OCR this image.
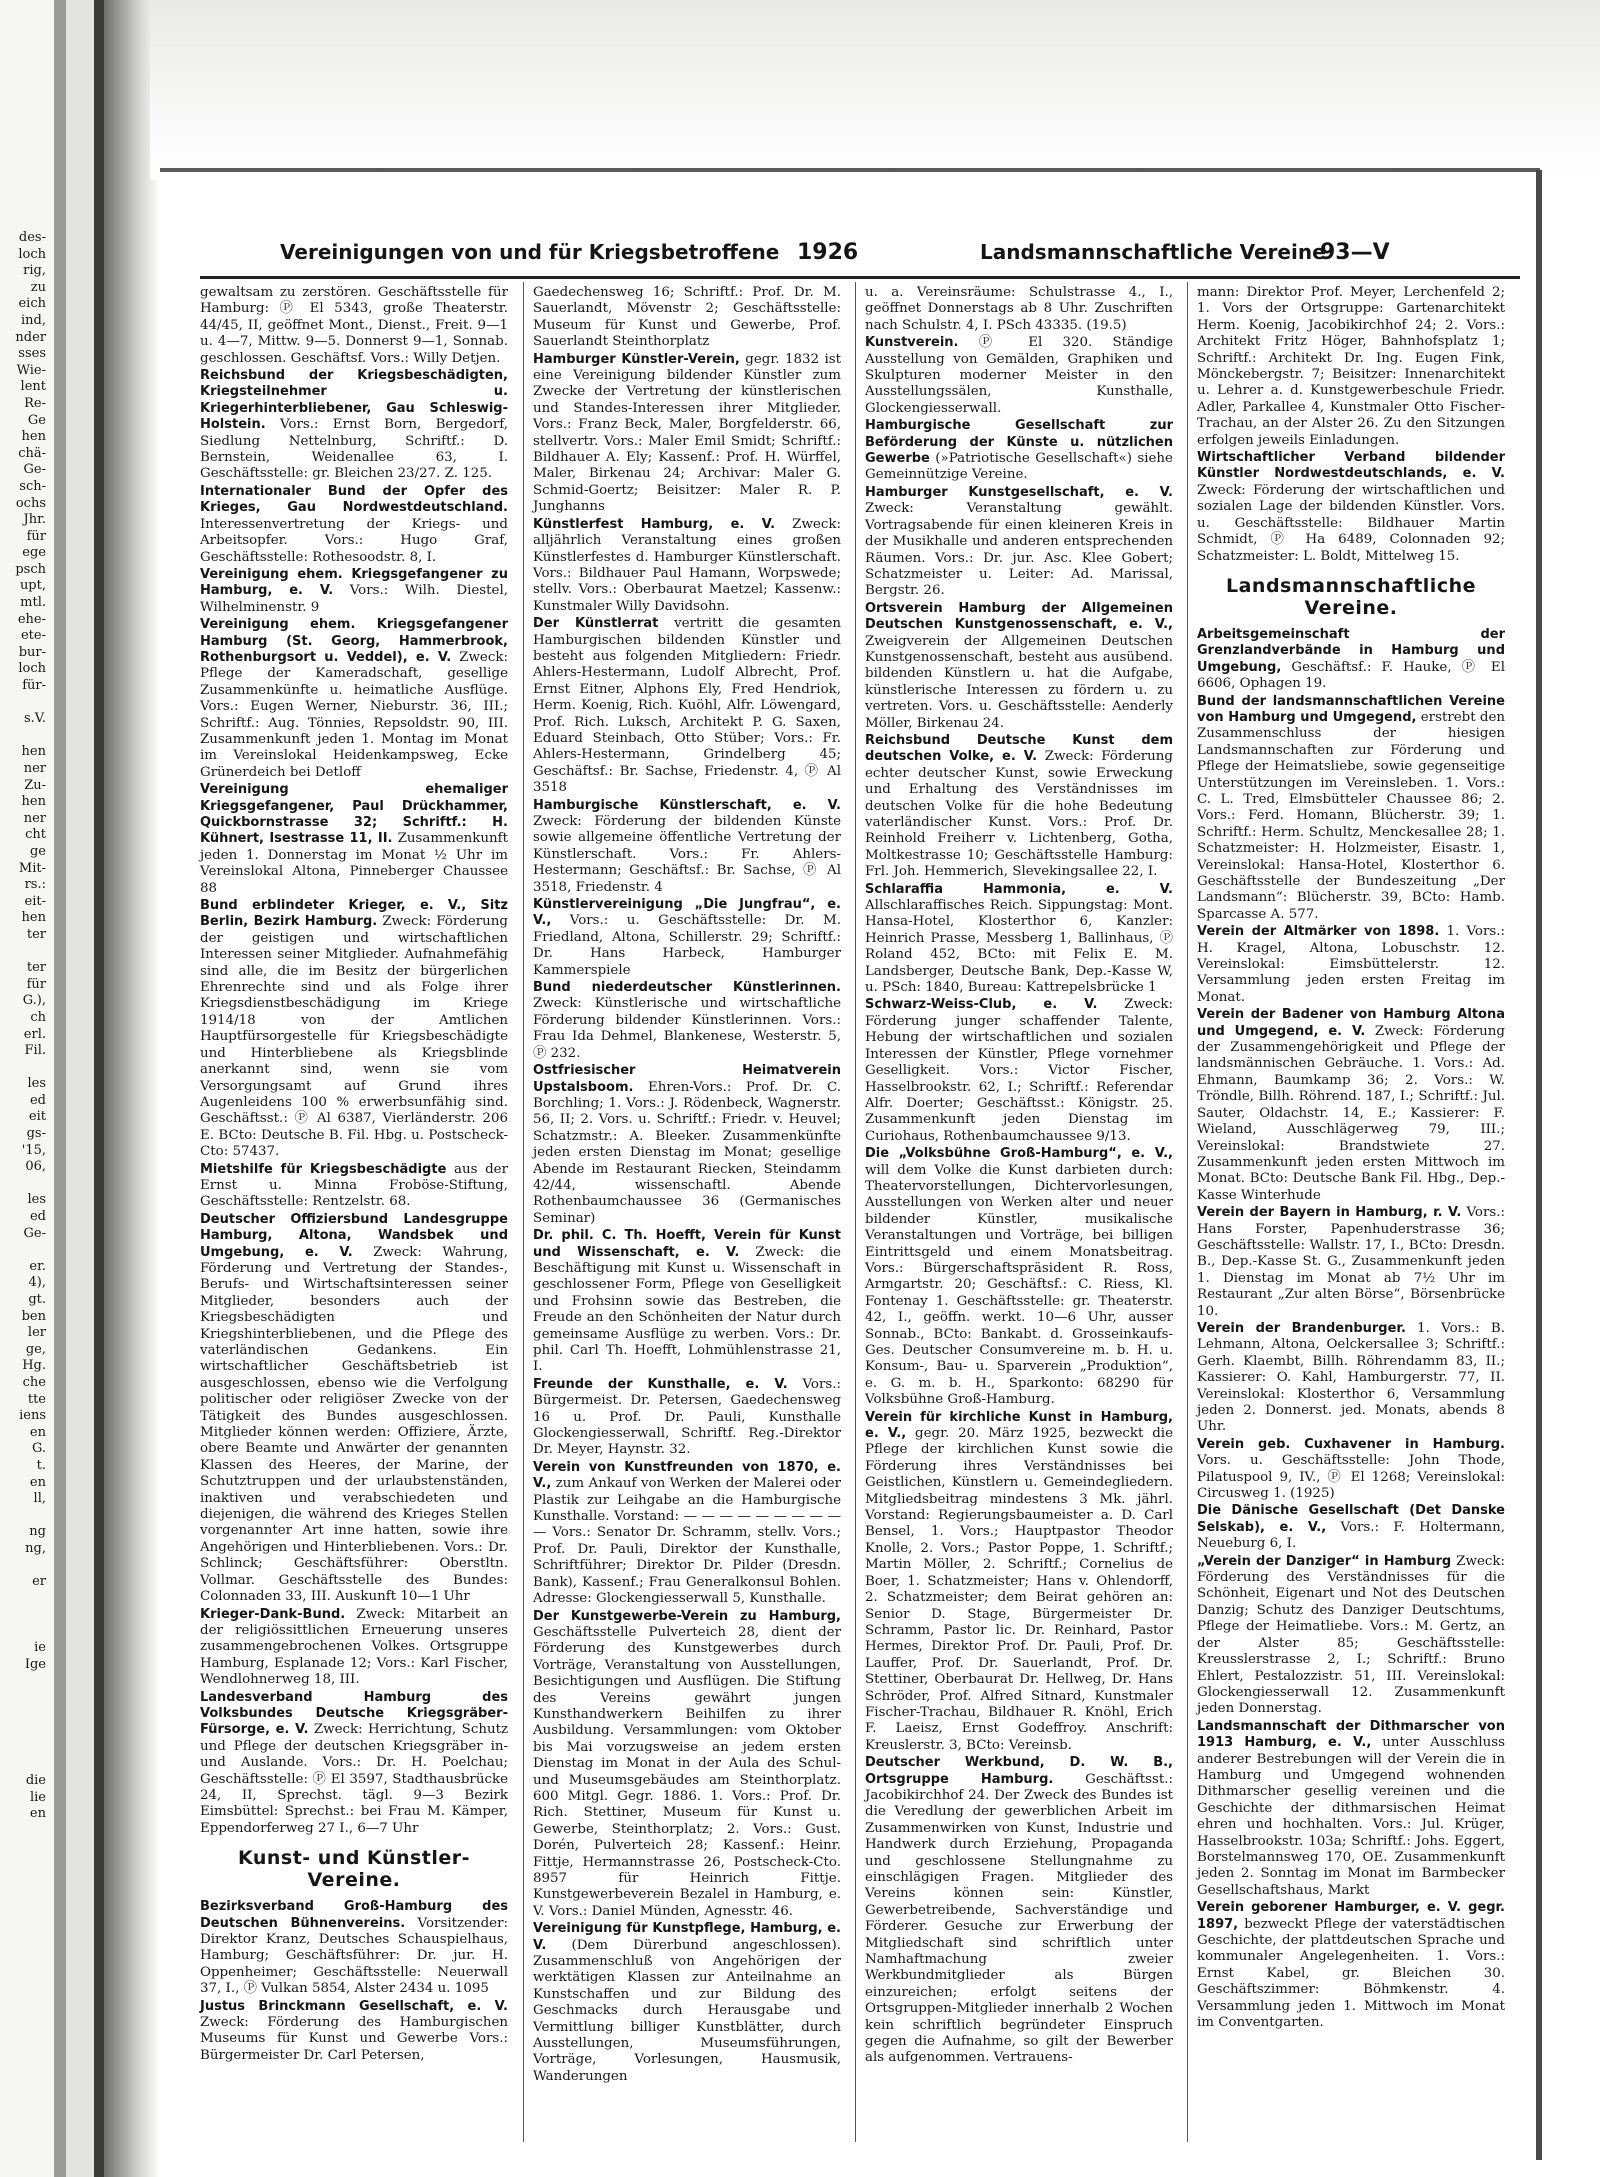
des-
loch
rig,
zu
eich
ind,
nder
sses
Wie-
lent
Re-
Ge
hen
chä-
Ge-
sch-
ochs
Jhr.
für
ege
psch
upt,
mtl.
ehe-
ete-
bur-
loch
für-

s.V.

hen
ner
Zu-
hen
ner
cht
ge
Mit-
rs.:
eit-
hen
ter

ter
für
G.),
ch
erl.
Fil.

les
ed
eit
gs-
'15,
06,

les
ed
Ge-

er.
4),
gt.
ben
ler
ge,
Hg.
che
tte
iens
en
G.
t.
en
ll,

ng
ng,

er

ie
Ige

die
lie
en

Vereinigungen von und für Kriegsbetroffene 1926	Landsmannschaftliche Vereine
93—V

gewaltsam zu zerstören. Geschäftsstelle für Hamburg: Ⓟ El 5343, große Theaterstr. 44/45, II, geöffnet Mont., Dienst., Freit. 9—1 u. 4—7, Mittw. 9—5. Donnerst 9—1, Sonnab. geschlossen. Geschäftsf. Vors.: Willy Detjen.

Reichsbund der Kriegsbeschädigten, Kriegsteilnehmer u. Kriegerhinterbliebener, Gau Schleswig-Holstein. Vors.: Ernst Born, Bergedorf, Siedlung Nettelnburg, Schriftf.: D. Bernstein, Weidenallee 63, I. Geschäftsstelle: gr. Bleichen 23/27. Z. 125.

Internationaler Bund der Opfer des Krieges, Gau Nordwestdeutschland. Interessenvertretung der Kriegs- und Arbeitsopfer. Vors.: Hugo Graf, Geschäftsstelle: Rothesoodstr. 8, I.

Vereinigung ehem. Kriegsgefangener zu Hamburg, e. V. Vors.: Wilh. Diestel, Wilhelminenstr. 9

Vereinigung ehem. Kriegsgefangener Hamburg (St. Georg, Hammerbrook, Rothenburgsort u. Veddel), e. V. Zweck: Pflege der Kameradschaft, gesellige Zusammenkünfte u. heimatliche Ausflüge. Vors.: Eugen Werner, Nieburstr. 36, III.; Schriftf.: Aug. Tönnies, Repsoldstr. 90, III. Zusammenkunft jeden 1. Montag im Monat im Vereinslokal Heidenkampsweg, Ecke Grünerdeich bei Detloff

Vereinigung ehemaliger Kriegsgefangener, Paul Drückhammer, Quickbornstrasse 32; Schriftf.: H. Kühnert, Isestrasse 11, II. Zusammenkunft jeden 1. Donnerstag im Monat ½ Uhr im Vereinslokal Altona, Pinneberger Chaussee 88

Bund erblindeter Krieger, e. V., Sitz Berlin, Bezirk Hamburg. Zweck: Förderung der geistigen und wirtschaftlichen Interessen seiner Mitglieder. Aufnahmefähig sind alle, die im Besitz der bürgerlichen Ehrenrechte sind und als Folge ihrer Kriegsdienstbeschädigung im Kriege 1914/18 von der Amtlichen Hauptfürsorgestelle für Kriegsbeschädigte und Hinterbliebene als Kriegsblinde anerkannt sind, wenn sie vom Versorgungsamt auf Grund ihres Augenleidens 100 % erwerbsunfähig sind. Geschäftsst.: Ⓟ Al 6387, Vierländerstr. 206 E. BCto: Deutsche B. Fil. Hbg. u. Postscheck-Cto: 57437.

Mietshilfe für Kriegsbeschädigte aus der Ernst u. Minna Froböse-Stiftung, Geschäftsstelle: Rentzelstr. 68.

Deutscher Offiziersbund Landesgruppe Hamburg, Altona, Wandsbek und Umgebung, e. V. Zweck: Wahrung, Förderung und Vertretung der Standes-, Berufs- und Wirtschaftsinteressen seiner Mitglieder, besonders auch der Kriegsbeschädigten und Kriegshinterbliebenen, und die Pflege des vaterländischen Gedankens. Ein wirtschaftlicher Geschäftsbetrieb ist ausgeschlossen, ebenso wie die Verfolgung politischer oder religiöser Zwecke von der Tätigkeit des Bundes ausgeschlossen. Mitglieder können werden: Offiziere, Ärzte, obere Beamte und Anwärter der genannten Klassen des Heeres, der Marine, der Schutztruppen und der urlaubstenständen, inaktiven und verabschiedeten und diejenigen, die während des Krieges Stellen vorgenannter Art inne hatten, sowie ihre Angehörigen und Hinterbliebenen. Vors.: Dr. Schlinck; Geschäftsführer: Oberstltn. Vollmar. Geschäftsstelle des Bundes: Colonnaden 33, III. Auskunft 10—1 Uhr

Krieger-Dank-Bund. Zweck: Mitarbeit an der religiössittlichen Erneuerung unseres zusammengebrochenen Volkes. Ortsgruppe Hamburg, Esplanade 12; Vors.: Karl Fischer, Wendlohnerweg 18, III.

Landesverband Hamburg des Volksbundes Deutsche Kriegsgräber-Fürsorge, e. V. Zweck: Herrichtung, Schutz und Pflege der deutschen Kriegsgräber in- und Auslande. Vors.: Dr. H. Poelchau; Geschäftsstelle: Ⓟ El 3597, Stadthausbrücke 24, II, Sprechst. tägl. 9—3 Bezirk Eimsbüttel: Sprechst.: bei Frau M. Kämper, Eppendorferweg 27 I., 6—7 Uhr

Kunst- und Künstler-Vereine.

Bezirksverband Groß-Hamburg des Deutschen Bühnenvereins. Vorsitzender: Direktor Kranz, Deutsches Schauspielhaus, Hamburg; Geschäftsführer: Dr. jur. H. Oppenheimer; Geschäftsstelle: Neuerwall 37, I., Ⓟ Vulkan 5854, Alster 2434 u. 1095

Justus Brinckmann Gesellschaft, e. V. Zweck: Förderung des Hamburgischen Museums für Kunst und Gewerbe Vors.: Bürgermeister Dr. Carl Petersen,

Gaedechensweg 16; Schriftf.: Prof. Dr. M. Sauerlandt, Mövenstr 2; Geschäftsstelle: Museum für Kunst und Gewerbe, Prof. Sauerlandt Steinthorplatz

Hamburger Künstler-Verein, gegr. 1832 ist eine Vereinigung bildender Künstler zum Zwecke der Vertretung der künstlerischen und Standes-Interessen ihrer Mitglieder. Vors.: Franz Beck, Maler, Borgfelderstr. 66, stellvertr. Vors.: Maler Emil Smidt; Schriftf.: Bildhauer A. Ely; Kassenf.: Prof. H. Würffel, Maler, Birkenau 24; Archivar: Maler G. Schmid-Goertz; Beisitzer: Maler R. P. Junghanns

Künstlerfest Hamburg, e. V. Zweck: alljährlich Veranstaltung eines großen Künstlerfestes d. Hamburger Künstlerschaft. Vors.: Bildhauer Paul Hamann, Worpswede; stellv. Vors.: Oberbaurat Maetzel; Kassenw.: Kunstmaler Willy Davidsohn.

Der Künstlerrat vertritt die gesamten Hamburgischen bildenden Künstler und besteht aus folgenden Mitgliedern: Friedr. Ahlers-Hestermann, Ludolf Albrecht, Prof. Ernst Eitner, Alphons Ely, Fred Hendriok, Herm. Koenig, Rich. Kuöhl, Alfr. Löwengard, Prof. Rich. Luksch, Architekt P. G. Saxen, Eduard Steinbach, Otto Stüber; Vors.: Fr. Ahlers-Hestermann, Grindelberg 45; Geschäftsf.: Br. Sachse, Friedenstr. 4, Ⓟ Al 3518

Hamburgische Künstlerschaft, e. V. Zweck: Förderung der bildenden Künste sowie allgemeine öffentliche Vertretung der Künstlerschaft. Vors.: Fr. Ahlers-Hestermann; Geschäftsf.: Br. Sachse, Ⓟ Al 3518, Friedenstr. 4

Künstlervereinigung „Die Jungfrau“, e. V., Vors.: u. Geschäftsstelle: Dr. M. Friedland, Altona, Schillerstr. 29; Schriftf.: Dr. Hans Harbeck, Hamburger Kammerspiele

Bund niederdeutscher Künstlerinnen. Zweck: Künstlerische und wirtschaftliche Förderung bildender Künstlerinnen. Vors.: Frau Ida Dehmel, Blankenese, Westerstr. 5, Ⓟ 232.

Ostfriesischer Heimatverein Upstalsboom. Ehren-Vors.: Prof. Dr. C. Borchling; 1. Vors.: J. Rödenbeck, Wagnerstr. 56, II; 2. Vors. u. Schriftf.: Friedr. v. Heuvel; Schatzmstr.: A. Bleeker. Zusammenkünfte jeden ersten Dienstag im Monat; gesellige Abende im Restaurant Riecken, Steindamm 42/44, wissenschaftl. Abende Rothenbaumchaussee 36 (Germanisches Seminar)

Dr. phil. C. Th. Hoefft, Verein für Kunst und Wissenschaft, e. V. Zweck: die Beschäftigung mit Kunst u. Wissenschaft in geschlossener Form, Pflege von Geselligkeit und Frohsinn sowie das Bestreben, die Freude an den Schönheiten der Natur durch gemeinsame Ausflüge zu werben. Vors.: Dr. phil. Carl Th. Hoefft, Lohmühlenstrasse 21, I.

Freunde der Kunsthalle, e. V. Vors.: Bürgermeist. Dr. Petersen, Gaedechensweg 16 u. Prof. Dr. Pauli, Kunsthalle Glockengiesserwall, Schriftf. Reg.-Direktor Dr. Meyer, Haynstr. 32.

Verein von Kunstfreunden von 1870, e. V., zum Ankauf von Werken der Malerei oder Plastik zur Leihgabe an die Hamburgische Kunsthalle. Vorstand: — — — — — — — — — — Vors.: Senator Dr. Schramm, stellv. Vors.; Prof. Dr. Pauli, Direktor der Kunsthalle, Schriftführer; Direktor Dr. Pilder (Dresdn. Bank), Kassenf.; Frau Generalkonsul Bohlen. Adresse: Glockengiesserwall 5, Kunsthalle.

Der Kunstgewerbe-Verein zu Hamburg, Geschäftsstelle Pulverteich 28, dient der Förderung des Kunstgewerbes durch Vorträge, Veranstaltung von Ausstellungen, Besichtigungen und Ausflügen. Die Stiftung des Vereins gewährt jungen Kunsthandwerkern Beihilfen zu ihrer Ausbildung. Versammlungen: vom Oktober bis Mai vorzugsweise an jedem ersten Dienstag im Monat in der Aula des Schul- und Museumsgebäudes am Steinthorplatz. 600 Mitgl. Gegr. 1886. 1. Vors.: Prof. Dr. Rich. Stettiner, Museum für Kunst u. Gewerbe, Steinthorplatz; 2. Vors.: Gust. Dorén, Pulverteich 28; Kassenf.: Heinr. Fittje, Hermannstrasse 26, Postscheck-Cto. 8957 für Heinrich Fittje. Kunstgewerbeverein Bezalel in Hamburg, e. V. Vors.: Daniel Münden, Agnesstr. 46.

Vereinigung für Kunstpflege, Hamburg, e. V. (Dem Dürerbund angeschlossen). Zusammenschluß von Angehörigen der werktätigen Klassen zur Anteilnahme an Kunstschaffen und zur Bildung des Geschmacks durch Herausgabe und Vermittlung billiger Kunstblätter, durch Ausstellungen, Museumsführungen, Vorträge, Vorlesungen, Hausmusik, Wanderungen

u. a. Vereinsräume: Schulstrasse 4., I., geöffnet Donnerstags ab 8 Uhr. Zuschriften nach Schulstr. 4, I. PSch 43335. (19.5)

Kunstverein. Ⓟ El 320. Ständige Ausstellung von Gemälden, Graphiken und Skulpturen moderner Meister in den Ausstellungssälen, Kunsthalle, Glockengiesserwall.

Hamburgische Gesellschaft zur Beförderung der Künste u. nützlichen Gewerbe (»Patriotische Gesellschaft«) siehe Gemeinnützige Vereine.

Hamburger Kunstgesellschaft, e. V. Zweck: Veranstaltung gewählt. Vortragsabende für einen kleineren Kreis in der Musikhalle und anderen entsprechenden Räumen. Vors.: Dr. jur. Asc. Klee Gobert; Schatzmeister u. Leiter: Ad. Marissal, Bergstr. 26.

Ortsverein Hamburg der Allgemeinen Deutschen Kunstgenossenschaft, e. V., Zweigverein der Allgemeinen Deutschen Kunstgenossenschaft, besteht aus ausübend. bildenden Künstlern u. hat die Aufgabe, künstlerische Interessen zu fördern u. zu vertreten. Vors. u. Geschäftsstelle: Aenderly Möller, Birkenau 24.

Reichsbund Deutsche Kunst dem deutschen Volke, e. V. Zweck: Förderung echter deutscher Kunst, sowie Erweckung und Erhaltung des Verständnisses im deutschen Volke für die hohe Bedeutung vaterländischer Kunst. Vors.: Prof. Dr. Reinhold Freiherr v. Lichtenberg, Gotha, Moltkestrasse 10; Geschäftsstelle Hamburg: Frl. Joh. Hemmerich, Slevekingsallee 22, I.

Schlaraffia Hammonia, e. V. Allschlaraffisches Reich. Sippungstag: Mont. Hansa-Hotel, Klosterthor 6, Kanzler: Heinrich Prasse, Messberg 1, Ballinhaus, Ⓟ Roland 452, BCto: mit Felix E. M. Landsberger, Deutsche Bank, Dep.-Kasse W, u. PSch: 1840, Bureau: Kattrepelsbrücke 1

Schwarz-Weiss-Club, e. V. Zweck: Förderung junger schaffender Talente, Hebung der wirtschaftlichen und sozialen Interessen der Künstler, Pflege vornehmer Geselligkeit. Vors.: Victor Fischer, Hasselbrookstr. 62, I.; Schriftf.: Referendar Alfr. Doerter; Geschäftsst.: Königstr. 25. Zusammenkunft jeden Dienstag im Curiohaus, Rothenbaumchaussee 9/13.

Die „Volksbühne Groß-Hamburg“, e. V., will dem Volke die Kunst darbieten durch: Theatervorstellungen, Dichtervorlesungen, Ausstellungen von Werken alter und neuer bildender Künstler, musikalische Veranstaltungen und Vorträge, bei billigen Eintrittsgeld und einem Monatsbeitrag. Vors.: Bürgerschaftspräsident R. Ross, Armgartstr. 20; Geschäftsf.: C. Riess, Kl. Fontenay 1. Geschäftsstelle: gr. Theaterstr. 42, I., geöffn. werkt. 10—6 Uhr, ausser Sonnab., BCto: Bankabt. d. Grosseinkaufs-Ges. Deutscher Consumvereine m. b. H. u. Konsum-, Bau- u. Sparverein „Produktion“, e. G. m. b. H., Sparkonto: 68290 für Volksbühne Groß-Hamburg.

Verein für kirchliche Kunst in Hamburg, e. V., gegr. 20. März 1925, bezweckt die Pflege der kirchlichen Kunst sowie die Förderung ihres Verständnisses bei Geistlichen, Künstlern u. Gemeindegliedern. Mitgliedsbeitrag mindestens 3 Mk. jährl. Vorstand: Regierungsbaumeister a. D. Carl Bensel, 1. Vors.; Hauptpastor Theodor Knolle, 2. Vors.; Pastor Poppe, 1. Schriftf.; Martin Möller, 2. Schriftf.; Cornelius de Boer, 1. Schatzmeister; Hans v. Ohlendorff, 2. Schatzmeister; dem Beirat gehören an: Senior D. Stage, Bürgermeister Dr. Schramm, Pastor lic. Dr. Reinhard, Pastor Hermes, Direktor Prof. Dr. Pauli, Prof. Dr. Lauffer, Prof. Dr. Sauerlandt, Prof. Dr. Stettiner, Oberbaurat Dr. Hellweg, Dr. Hans Schröder, Prof. Alfred Sitnard, Kunstmaler Fischer-Trachau, Bildhauer R. Knöhl, Erich F. Laeisz, Ernst Godeffroy. Anschrift: Kreuslerstr. 3, BCto: Vereinsb.

Deutscher Werkbund, D. W. B., Ortsgruppe Hamburg. Geschäftsst.: Jacobikirchhof 24. Der Zweck des Bundes ist die Veredlung der gewerblichen Arbeit im Zusammenwirken von Kunst, Industrie und Handwerk durch Erziehung, Propaganda und geschlossene Stellungnahme zu einschlägigen Fragen. Mitglieder des Vereins können sein: Künstler, Gewerbetreibende, Sachverständige und Förderer. Gesuche zur Erwerbung der Mitgliedschaft sind schriftlich unter Namhaftmachung zweier Werkbundmitglieder als Bürgen einzureichen; erfolgt seitens der Ortsgruppen-Mitglieder innerhalb 2 Wochen kein schriftlich begründeter Einspruch gegen die Aufnahme, so gilt der Bewerber als aufgenommen. Vertrauens-

mann: Direktor Prof. Meyer, Lerchenfeld 2; 1. Vors der Ortsgruppe: Gartenarchitekt Herm. Koenig, Jacobikirchhof 24; 2. Vors.: Architekt Fritz Höger, Bahnhofsplatz 1; Schriftf.: Architekt Dr. Ing. Eugen Fink, Mönckebergstr. 7; Beisitzer: Innenarchitekt u. Lehrer a. d. Kunstgewerbeschule Friedr. Adler, Parkallee 4, Kunstmaler Otto Fischer-Trachau, an der Alster 26. Zu den Sitzungen erfolgen jeweils Einladungen.

Wirtschaftlicher Verband bildender Künstler Nordwestdeutschlands, e. V. Zweck: Förderung der wirtschaftlichen und sozialen Lage der bildenden Künstler. Vors. u. Geschäftsstelle: Bildhauer Martin Schmidt, Ⓟ Ha 6489, Colonnaden 92; Schatzmeister: L. Boldt, Mittelweg 15.

Landsmannschaftliche Vereine.

Arbeitsgemeinschaft der Grenzlandverbände in Hamburg und Umgebung, Geschäftsf.: F. Hauke, Ⓟ El 6606, Ophagen 19.

Bund der landsmannschaftlichen Vereine von Hamburg und Umgegend, erstrebt den Zusammenschluss der hiesigen Landsmannschaften zur Förderung und Pflege der Heimatsliebe, sowie gegenseitige Unterstützungen im Vereinsleben. 1. Vors.: C. L. Tred, Elmsbütteler Chaussee 86; 2. Vors.: Ferd. Homann, Blücherstr. 39; 1. Schriftf.: Herm. Schultz, Menckesallee 28; 1. Schatzmeister: H. Holzmeister, Eisastr. 1, Vereinslokal: Hansa-Hotel, Klosterthor 6. Geschäftsstelle der Bundeszeitung „Der Landsmann“: Blücherstr. 39, BCto: Hamb. Sparcasse A. 577.

Verein der Altmärker von 1898. 1. Vors.: H. Kragel, Altona, Lobuschstr. 12. Vereinslokal: Eimsbüttelerstr. 12. Versammlung jeden ersten Freitag im Monat.

Verein der Badener von Hamburg Altona und Umgegend, e. V. Zweck: Förderung der Zusammengehörigkeit und Pflege der landsmännischen Gebräuche. 1. Vors.: Ad. Ehmann, Baumkamp 36; 2. Vors.: W. Tröndle, Billh. Röhrend. 187, I.; Schriftf.: Jul. Sauter, Oldachstr. 14, E.; Kassierer: F. Wieland, Ausschlägerweg 79, III.; Vereinslokal: Brandstwiete 27. Zusammenkunft jeden ersten Mittwoch im Monat. BCto: Deutsche Bank Fil. Hbg., Dep.-Kasse Winterhude

Verein der Bayern in Hamburg, r. V. Vors.: Hans Forster, Papenhuderstrasse 36; Geschäftsstelle: Wallstr. 17, I., BCto: Dresdn. B., Dep.-Kasse St. G., Zusammenkunft jeden 1. Dienstag im Monat ab 7½ Uhr im Restaurant „Zur alten Börse“, Börsenbrücke 10.

Verein der Brandenburger. 1. Vors.: B. Lehmann, Altona, Oelckersallee 3; Schriftf.: Gerh. Klaembt, Billh. Röhrendamm 83, II.; Kassierer: O. Kahl, Hamburgerstr. 77, II. Vereinslokal: Klosterthor 6, Versammlung jeden 2. Donnerst. jed. Monats, abends 8 Uhr.

Verein geb. Cuxhavener in Hamburg. Vors. u. Geschäftsstelle: John Thode, Pilatuspool 9, IV., Ⓟ El 1268; Vereinslokal: Circusweg 1. (1925)

Die Dänische Gesellschaft (Det Danske Selskab), e. V., Vors.: F. Holtermann, Neueburg 6, I.

„Verein der Danziger“ in Hamburg Zweck: Förderung des Verständnisses für die Schönheit, Eigenart und Not des Deutschen Danzig; Schutz des Danziger Deutschtums, Pflege der Heimatliebe. Vors.: M. Gertz, an der Alster 85; Geschäftsstelle: Kreusslerstrasse 2, I.; Schriftf.: Bruno Ehlert, Pestalozzistr. 51, III. Vereinslokal: Glockengiesserwall 12. Zusammenkunft jeden Donnerstag.

Landsmannschaft der Dithmarscher von 1913 Hamburg, e. V., unter Ausschluss anderer Bestrebungen will der Verein die in Hamburg und Umgegend wohnenden Dithmarscher gesellig vereinen und die Geschichte der dithmarsischen Heimat ehren und hochhalten. Vors.: Jul. Krüger, Hasselbrookstr. 103a; Schriftf.: Johs. Eggert, Borstelmannsweg 170, OE. Zusammenkunft jeden 2. Sonntag im Monat im Barmbecker Gesellschaftshaus, Markt

Verein geborener Hamburger, e. V. gegr. 1897, bezweckt Pflege der vaterstädtischen Geschichte, der plattdeutschen Sprache und kommunaler Angelegenheiten. 1. Vors.: Ernst Kabel, gr. Bleichen 30. Geschäftszimmer: Böhmkenstr. 4. Versammlung jeden 1. Mittwoch im Monat im Conventgarten.
